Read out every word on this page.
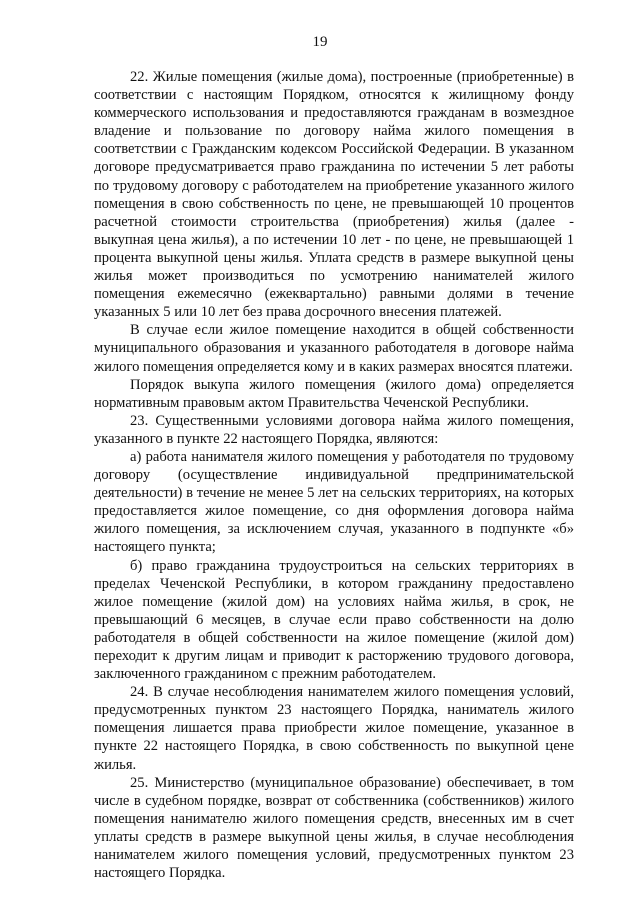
19

22. Жилые помещения (жилые дома), построенные (приобретенные) в соответствии с настоящим Порядком, относятся к жилищному фонду коммерческого использования и предоставляются гражданам в возмездное владение и пользование по договору найма жилого помещения в соответствии с Гражданским кодексом Российской Федерации. В указанном договоре предусматривается право гражданина по истечении 5 лет работы по трудовому договору с работодателем на приобретение указанного жилого помещения в свою собственность по цене, не превышающей 10 процентов расчетной стоимости строительства (приобретения) жилья (далее - выкупная цена жилья), а по истечении 10 лет - по цене, не превышающей 1 процента выкупной цены жилья. Уплата средств в размере выкупной цены жилья может производиться по усмотрению нанимателей жилого помещения ежемесячно (ежеквартально) равными долями в течение указанных 5 или 10 лет без права досрочного внесения платежей.

В случае если жилое помещение находится в общей собственности муниципального образования и указанного работодателя в договоре найма жилого помещения определяется кому и в каких размерах вносятся платежи.

Порядок выкупа жилого помещения (жилого дома) определяется нормативным правовым актом Правительства Чеченской Республики.

23. Существенными условиями договора найма жилого помещения, указанного в пункте 22 настоящего Порядка, являются:

а) работа нанимателя жилого помещения у работодателя по трудовому договору (осуществление индивидуальной предпринимательской деятельности) в течение не менее 5 лет на сельских территориях, на которых предоставляется жилое помещение, со дня оформления договора найма жилого помещения, за исключением случая, указанного в подпункте «б» настоящего пункта;

б) право гражданина трудоустроиться на сельских территориях в пределах Чеченской Республики, в котором гражданину предоставлено жилое помещение (жилой дом) на условиях найма жилья, в срок, не превышающий 6 месяцев, в случае если право собственности на долю работодателя в общей собственности на жилое помещение (жилой дом) переходит к другим лицам и приводит к расторжению трудового договора, заключенного гражданином с прежним работодателем.

24. В случае несоблюдения нанимателем жилого помещения условий, предусмотренных пунктом 23 настоящего Порядка, наниматель жилого помещения лишается права приобрести жилое помещение, указанное в пункте 22 настоящего Порядка, в свою собственность по выкупной цене жилья.

25. Министерство (муниципальное образование) обеспечивает, в том числе в судебном порядке, возврат от собственника (собственников) жилого помещения нанимателю жилого помещения средств, внесенных им в счет уплаты средств в размере выкупной цены жилья, в случае несоблюдения нанимателем жилого помещения условий, предусмотренных пунктом 23 настоящего Порядка.
